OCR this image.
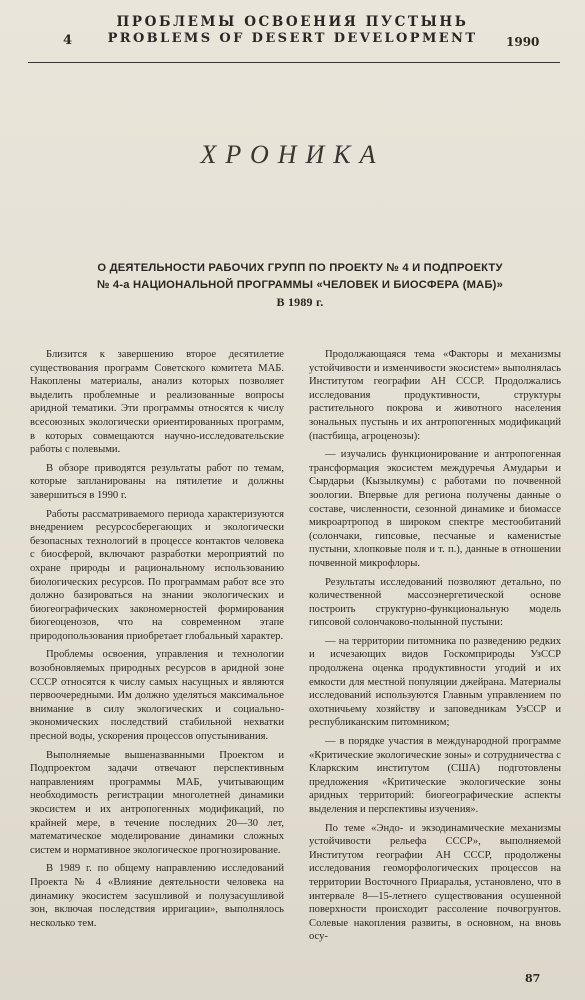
ПРОБЛЕМЫ ОСВОЕНИЯ ПУСТЫНЬ
PROBLEMS OF DESERT DEVELOPMENT
4	1990
ХРОНИКА
О ДЕЯТЕЛЬНОСТИ РАБОЧИХ ГРУПП ПО ПРОЕКТУ № 4 И ПОДПРОЕКТУ
№ 4-а НАЦИОНАЛЬНОЙ ПРОГРАММЫ «ЧЕЛОВЕК И БИОСФЕРА (МАБ)»
В 1989 г.

Близится к завершению второе десятилетие существования программ Советского комитета МАБ. Накоплены материалы, анализ которых позволяет выделить проблемные и реализованные вопросы аридной тематики. Эти программы относятся к числу всесоюзных экологически ориентированных программ, в которых совмещаются научно-исследовательские работы с полевыми.

В обзоре приводятся результаты работ по темам, которые запланированы на пятилетие и должны завершиться в 1990 г.

Работы рассматриваемого периода характеризуются внедрением ресурсосберегающих и экологически безопасных технологий в процессе контактов человека с биосферой, включают разработки мероприятий по охране природы и рациональному использованию биологических ресурсов. По программам работ все это должно базироваться на знании экологических и биогеографических закономерностей формирования биогеоценозов, что на современном этапе природопользования приобретает глобальный характер.

Проблемы освоения, управления и технологии возобновляемых природных ресурсов в аридной зоне СССР относятся к числу самых насущных и являются первоочередными. Им должно уделяться максимальное внимание в силу экологических и социально-экономических последствий стабильной нехватки пресной воды, ускорения процессов опустынивания.

Выполняемые вышеназванными Проектом и Подпроектом задачи отвечают перспективным направлениям программы МАБ, учитывающим необходимость регистрации многолетней динамики экосистем и их антропогенных модификаций, по крайней мере, в течение последних 20—30 лет, математическое моделирование динамики сложных систем и нормативное экологическое прогнозирование.

В 1989 г. по общему направлению исследований Проекта № 4 «Влияние деятельности человека на динамику экосистем засушливой и полузасушливой зон, включая последствия ирригации», выполнялось несколько тем.

Продолжающаяся тема «Факторы и механизмы устойчивости и изменчивости экосистем» выполнялась Институтом географии АН СССР. Продолжались исследования продуктивности, структуры растительного покрова и животного населения зональных пустынь и их антропогенных модификаций (пастбища, агроценозы):

— изучались функционирование и антропогенная трансформация экосистем междуречья Амударьи и Сырдарьи (Кызылкумы) с работами по почвенной зоологии. Впервые для региона получены данные о составе, численности, сезонной динамике и биомассе микроартропод в широком спектре местообитаний (солончаки, гипсовые, песчаные и каменистые пустыни, хлопковые поля и т. п.), данные в отношении почвенной микрофлоры.

Результаты исследований позволяют детально, по количественной массоэнергетической основе построить структурно-функциональную модель гипсовой солончаково-полынной пустыни:

— на территории питомника по разведению редких и исчезающих видов Госкомприроды УзССР продолжена оценка продуктивности угодий и их емкости для местной популяции джейрана. Материалы исследований используются Главным управлением по охотничьему хозяйству и заповедникам УзССР и республиканским питомником;

— в порядке участия в международной программе «Критические экологические зоны» и сотрудничества с Кларкским институтом (США) подготовлены предложения «Критические экологические зоны аридных территорий: биогеографические аспекты выделения и перспективы изучения».

По теме «Эндо- и экзодинамические механизмы устойчивости рельефа СССР», выполняемой Институтом географии АН СССР, продолжены исследования геоморфологических процессов на территории Восточного Приаралья, установлено, что в интервале 8—15-летнего существования осушенной поверхности происходит рассоление почвогрунтов. Солевые накопления развиты, в основном, на вновь осу-

87
